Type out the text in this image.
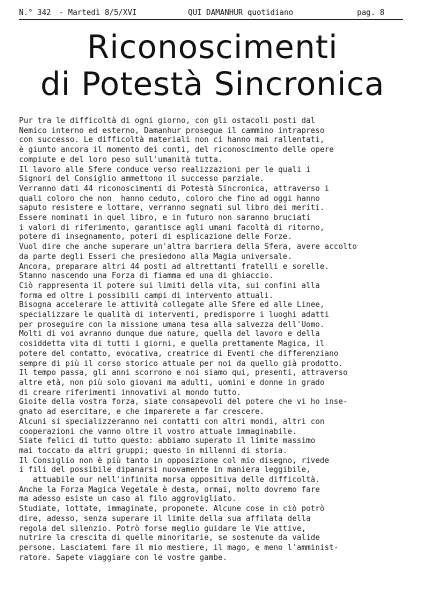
N.° 342 - Martedì 8/5/XVI	QUI DAMANHUR quotidiano	pag. 8
Riconoscimenti
di Potestà Sincronica
Pur tra le difficoltà di ogni giorno, con gli ostacoli posti dal
Nemico interno ed esterno, Damanhur prosegue il cammino intrapreso
con successo. Le difficoltà materiali non ci hanno mai rallentati,
è giunto ancora il momento dei conti, del riconoscimento delle opere
compiute e del loro peso sull'umanità tutta.
Il lavoro alle Sfere conduce verso realizzazioni per le quali i
Signori del Consiglio ammettono il successo parziale.
Verranno dati 44 riconoscimenti di Potestà Sincronica, attraverso i
quali coloro che non  hanno ceduto, coloro che fino ad oggi hanno
saputo resistere e lottare, verranno segnati sul libro dei meriti.
Essere nominati in quel libro, e in futuro non saranno bruciati
i valori di riferimento, garantisce agli umani facoltà di ritorno,
potere di insegnamento, poteri di esplicazione delle Forze.
Vuol dire che anche superare un'altra barriera della Sfera, avere accolto
da parte degli Esseri che presiedono alla Magia universale.
Ancora, preparare altri 44 posti ad altrettanti fratelli e sorelle.
Stanno nascendo una Forza di fiamma ed una di ghiaccio.
Ciò rappresenta il potere sui limiti della vita, sui confini alla
forma ed oltre i possibili campi di intervento attuali.
Bisogna accelerare le attività collegate alle Sfere ed alle Linee,
specializzare le qualità di interventi, predisporre i luoghi adatti
per proseguire con la missione umana tesa alla salvezza dell'Uomo.
Molti di voi avranno dunque due nature, quella del lavoro e della
cosiddetta vita di tutti i giorni, e quella prettamente Magica, il
potere del contatto, evocativa, creatrice di Eventi che differenziano
sempre di più il corso storico attuale per noi da quello già prodotto.
Il tempo passa, gli anni scorrono e noi siamo qui, presenti, attraverso
altre età, non più solo giovani ma adulti, uomini e donne in grado
di creare riferimenti innovativi al mondo tutto.
Gioite della vostra forza, siate consapevoli del potere che vi ho inse-
gnato ad esercitare, e che imparerete a far crescere.
Alcuni si specializzeranno nei contatti con altri mondi, altri con
cooperazioni che vanno oltre il vostro attuale immaginabile.
Siate felici di tutto questo: abbiamo superato il limite massimo
mai toccato da altri gruppi; questo in millenni di storia.
Il Consiglio non è più tanto in opposizione col mio disegno, rivede
i fili del possibile dipanarsi nuovamente in maniera leggibile,
attuabile our nell'infinita morsa oppositiva delle difficoltà.
Anche la Forza Magica Vegetale è desta, ormai, molto dovremo fare
ma adesso esiste un caso al filo aggrovigliato.
Studiate, lottate, immaginate, proponete. Alcune cose in ciò potrò
dire, adesso, senza superare il limite della sua affilata della
regola del silenzio. Potrò forse meglio guidare le Vie attive,
nutrire la crescita di quelle minoritarie, se sostenute da valide
persone. Lasciatemi fare il mio mestiere, il mago, e meno l'amminist-
ratore. Sapete viaggiare con le vostre gambe.
